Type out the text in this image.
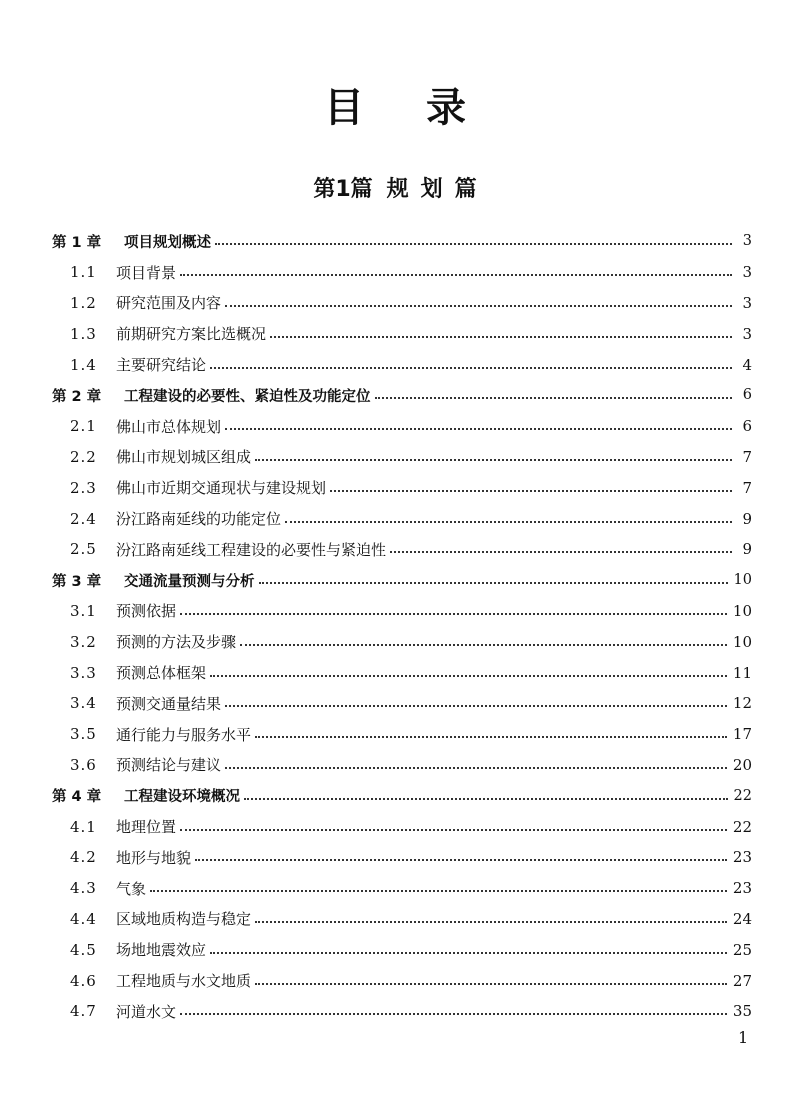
目 录
第1篇 规 划 篇
第 1 章	项目规划概述	3
1.1	项目背景	3
1.2	研究范围及内容	3
1.3	前期研究方案比选概况	3
1.4	主要研究结论	4
第 2 章	工程建设的必要性、紧迫性及功能定位	6
2.1	佛山市总体规划	6
2.2	佛山市规划城区组成	7
2.3	佛山市近期交通现状与建设规划	7
2.4	汾江路南延线的功能定位	9
2.5	汾江路南延线工程建设的必要性与紧迫性	9
第 3 章	交通流量预测与分析	10
3.1	预测依据	10
3.2	预测的方法及步骤	10
3.3	预测总体框架	11
3.4	预测交通量结果	12
3.5	通行能力与服务水平	17
3.6	预测结论与建议	20
第 4 章	工程建设环境概况	22
4.1	地理位置	22
4.2	地形与地貌	23
4.3	气象	23
4.4	区域地质构造与稳定	24
4.5	场地地震效应	25
4.6	工程地质与水文地质	27
4.7	河道水文	35
1
